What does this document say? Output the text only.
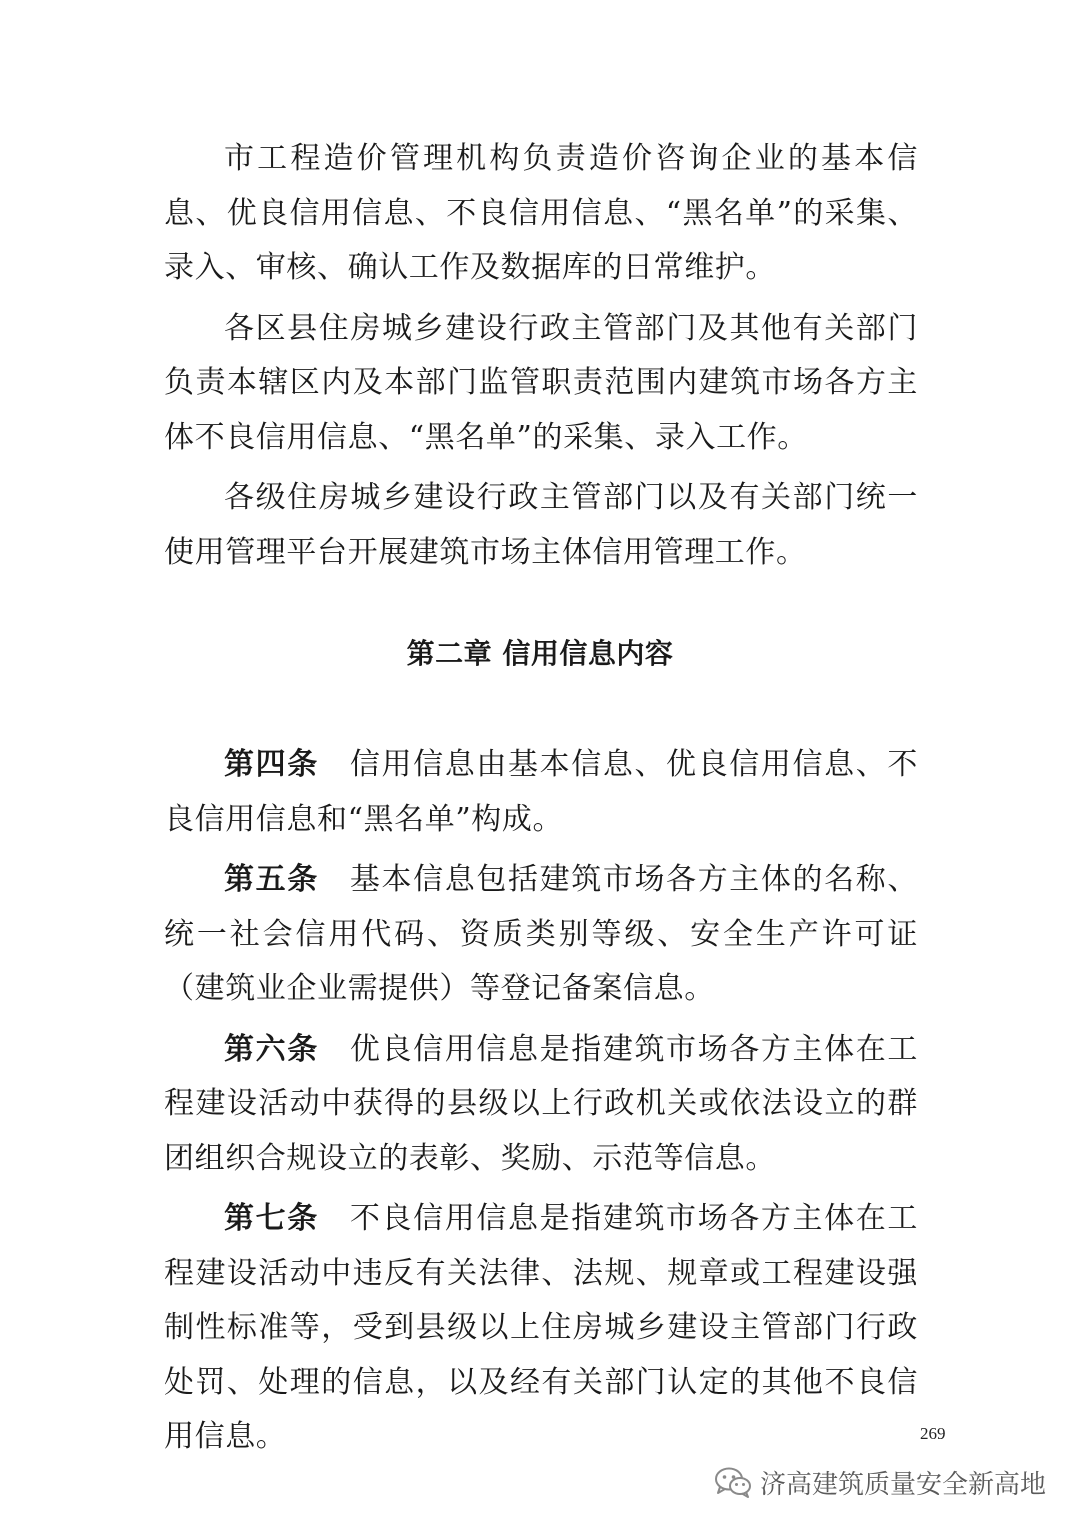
市工程造价管理机构负责造价咨询企业的基本信息、优良信用信息、不良信用信息、“黑名单”的采集、录入、审核、确认工作及数据库的日常维护。

各区县住房城乡建设行政主管部门及其他有关部门负责本辖区内及本部门监管职责范围内建筑市场各方主体不良信用信息、“黑名单”的采集、录入工作。

各级住房城乡建设行政主管部门以及有关部门统一使用管理平台开展建筑市场主体信用管理工作。

第二章 信用信息内容

第四条 信用信息由基本信息、优良信用信息、不良信用信息和“黑名单”构成。

第五条 基本信息包括建筑市场各方主体的名称、统一社会信用代码、资质类别等级、安全生产许可证（建筑业企业需提供）等登记备案信息。

第六条 优良信用信息是指建筑市场各方主体在工程建设活动中获得的县级以上行政机关或依法设立的群团组织合规设立的表彰、奖励、示范等信息。

第七条 不良信用信息是指建筑市场各方主体在工程建设活动中违反有关法律、法规、规章或工程建设强制性标准等，受到县级以上住房城乡建设主管部门行政处罚、处理的信息，以及经有关部门认定的其他不良信用信息。	269
济高建筑质量安全新高地
